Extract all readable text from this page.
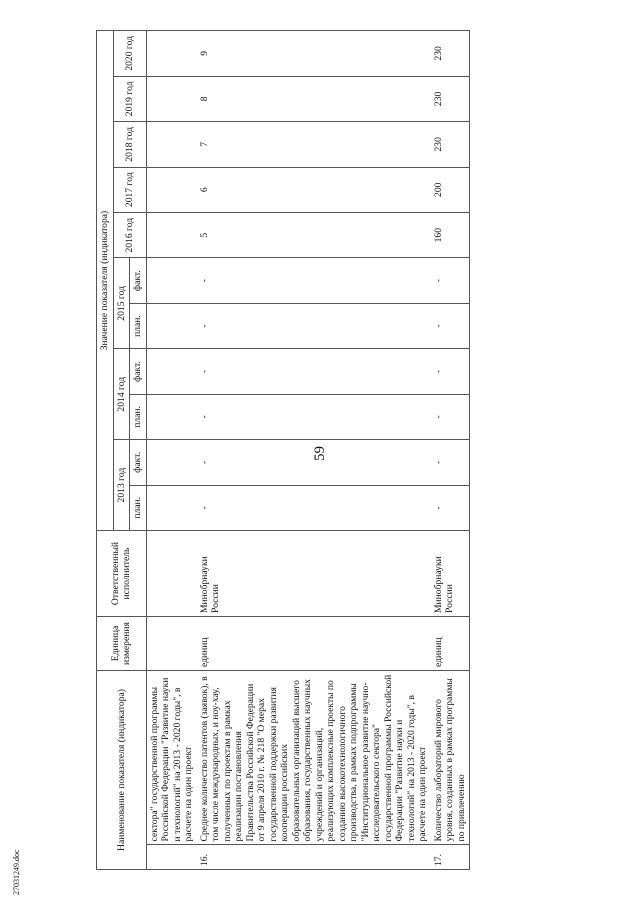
59
27031249.doc
Наименование показателя (индикатора)		Единица измерения	Ответственный исполнитель	Значение показателя (индикатора)										
				2013 год		2014 год		2015 год		2016 год	2017 год	2018 год	2019 год	2020 год
				план.	факт.	план.	факт.	план.	факт.					
	сектора" государственной программы Российской Федерации "Развитие науки и технологий" на 2013 - 2020 годы", в расчете на один проект													
16.	Среднее количество патентов (заявок), в том числе международных, и ноу-хау, полученных по проектам в рамках реализации постановления Правительства Российской Федерации от 9 апреля 2010 г. № 218 "О мерах государственной поддержки развития кооперации российских образовательных организаций высшего образования, государственных научных учреждений и организаций, реализующих комплексные проекты по созданию высокотехнологичного производства, в рамках подпрограммы "Институциональное развитие научно-исследовательского сектора" государственной программы Российской Федерации "Развитие науки и технологий" на 2013 - 2020 годы", в расчете на один проект	единиц	Минобрнауки России	-	-	-	-	-	-	5	6	7	8	9
17.	Количество лабораторий мирового уровня, созданных в рамках программы по привлечению	единиц	Минобрнауки России	-	-	-	-	-	-	160	200	230	230	230
